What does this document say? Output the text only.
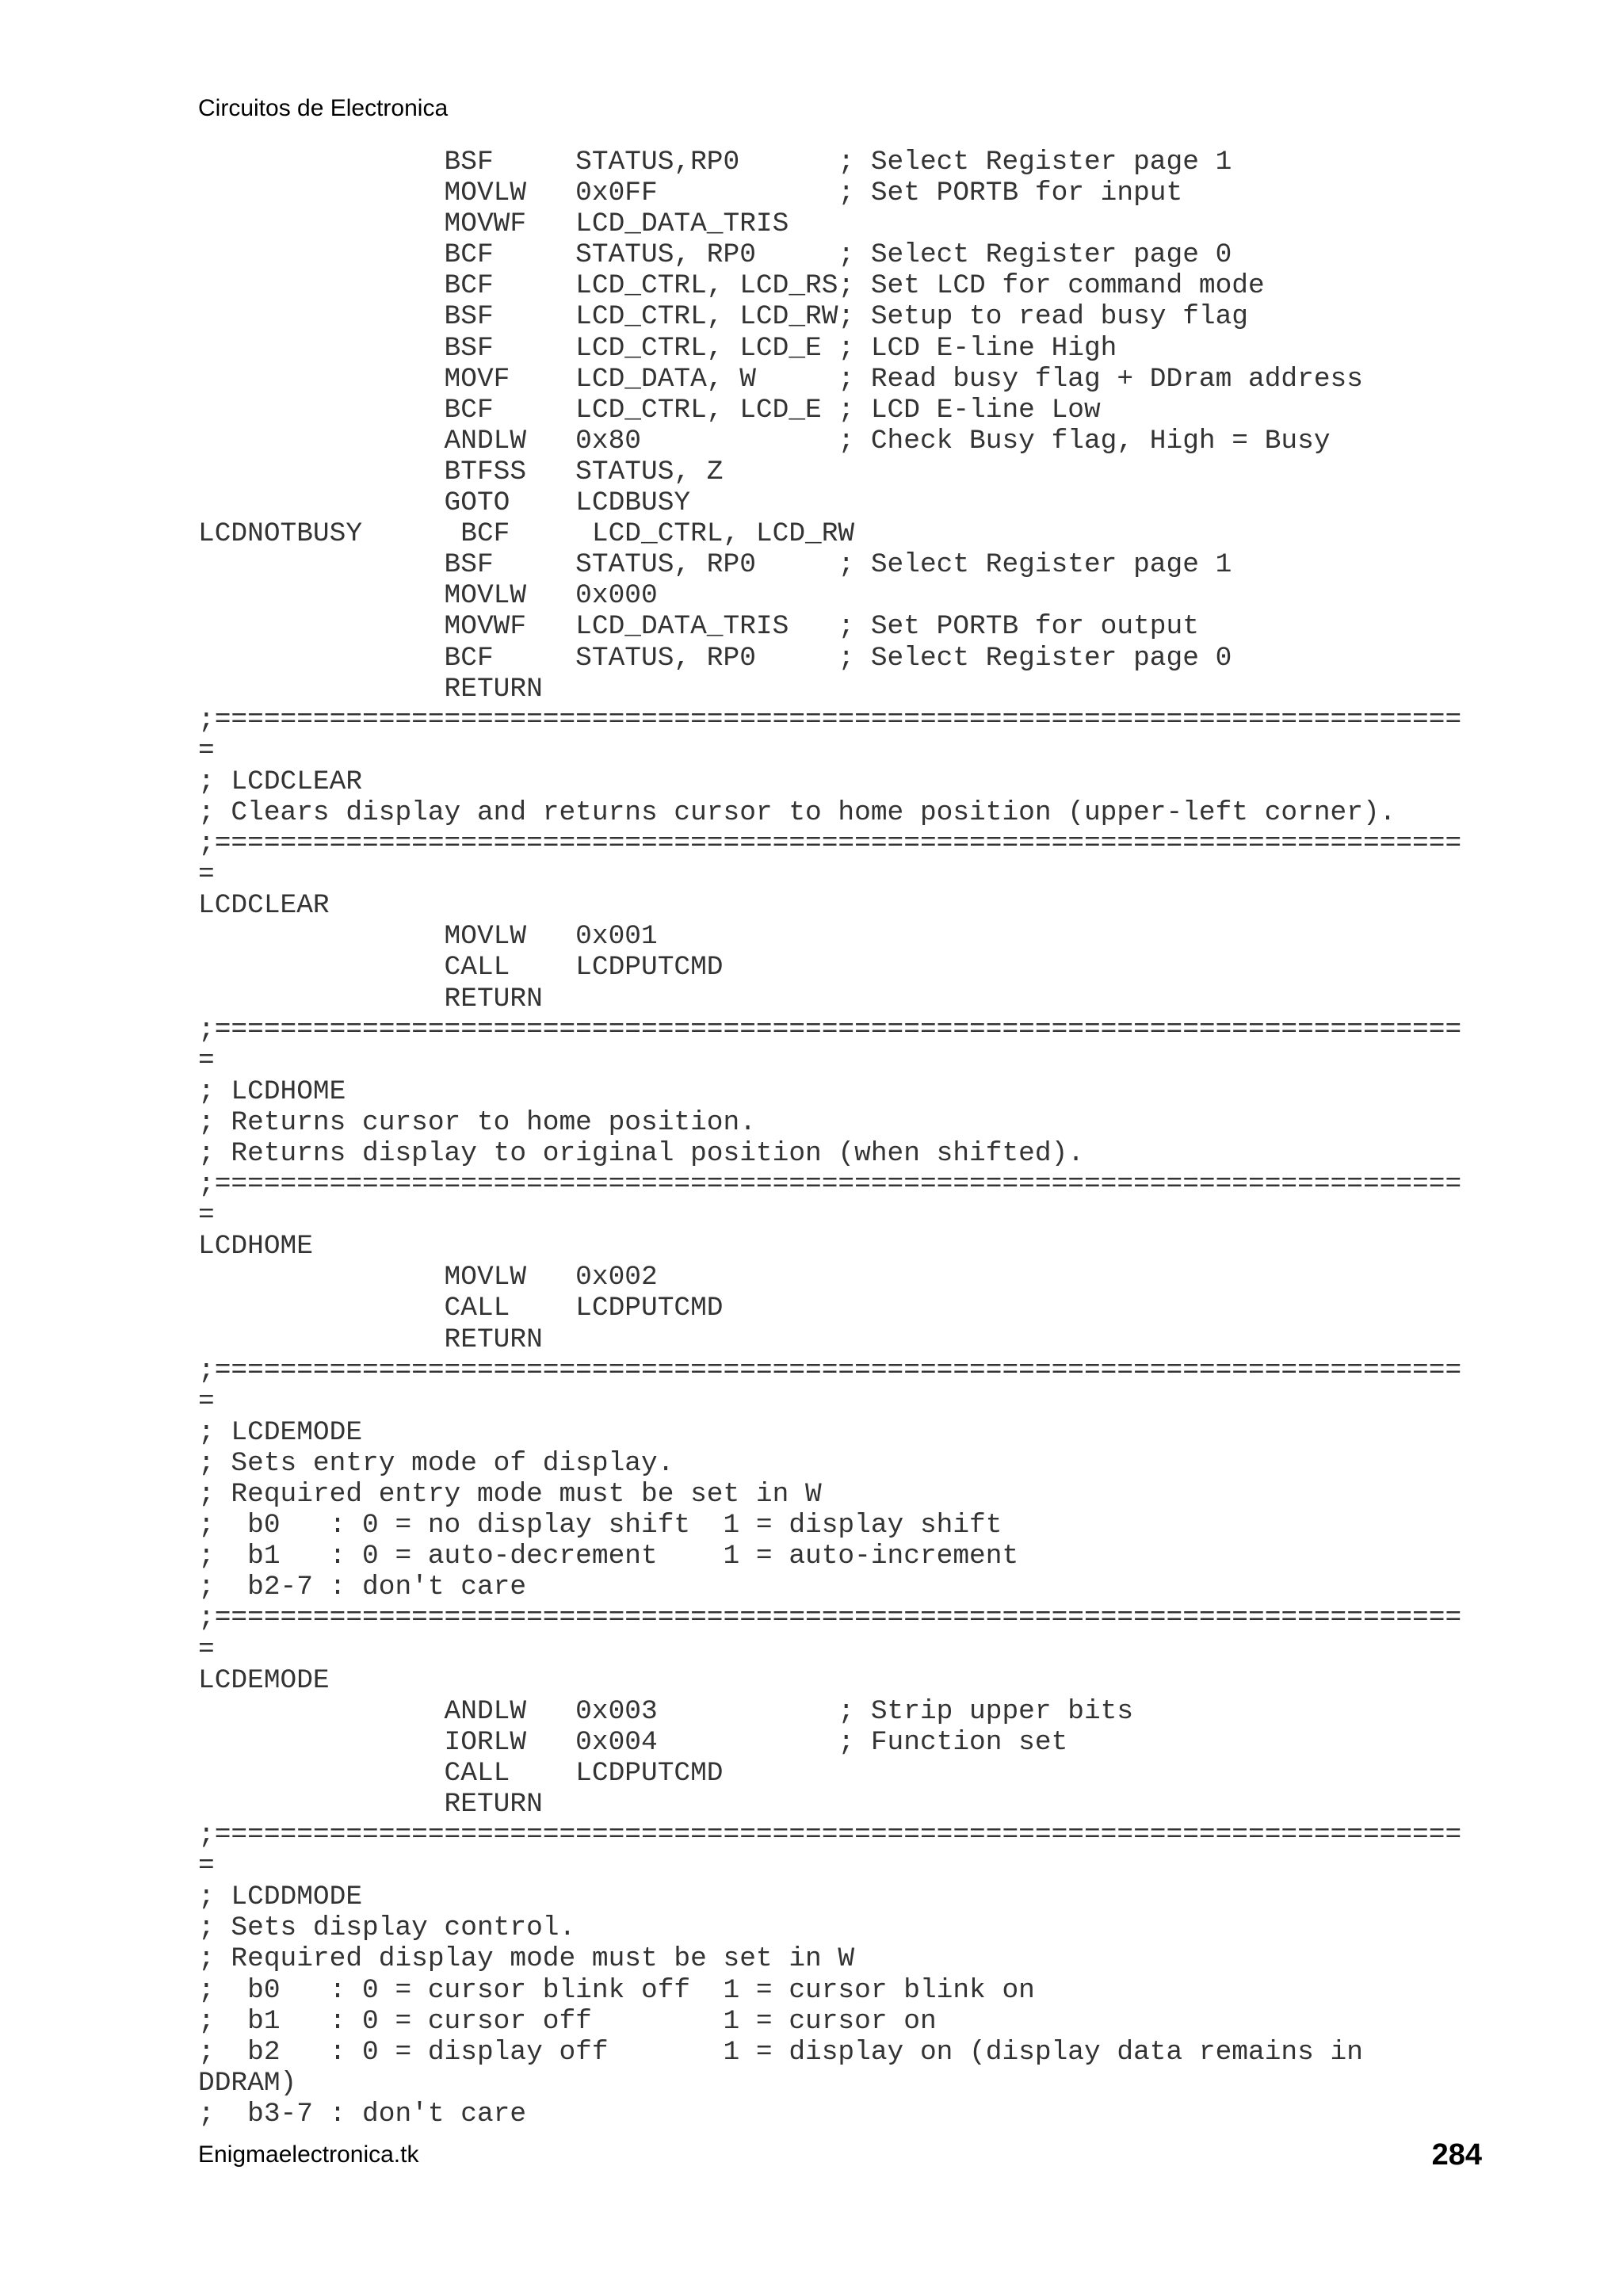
Circuitos de Electronica
BSF     STATUS,RP0      ; Select Register page 1
MOVLW   0x0FF           ; Set PORTB for input
MOVWF   LCD_DATA_TRIS
BCF     STATUS, RP0     ; Select Register page 0
BCF     LCD_CTRL, LCD_RS; Set LCD for command mode
BSF     LCD_CTRL, LCD_RW; Setup to read busy flag
BSF     LCD_CTRL, LCD_E ; LCD E-line High
MOVF    LCD_DATA, W     ; Read busy flag + DDram address
BCF     LCD_CTRL, LCD_E ; LCD E-line Low
ANDLW   0x80            ; Check Busy flag, High = Busy
BTFSS   STATUS, Z
GOTO    LCDBUSY
LCDNOTBUSY      BCF     LCD_CTRL, LCD_RW
BSF     STATUS, RP0     ; Select Register page 1
MOVLW   0x000
MOVWF   LCD_DATA_TRIS   ; Set PORTB for output
BCF     STATUS, RP0     ; Select Register page 0
RETURN
;============================================================================
=
; LCDCLEAR
; Clears display and returns cursor to home position (upper-left corner).
;============================================================================
=
LCDCLEAR
MOVLW   0x001
CALL    LCDPUTCMD
RETURN
;============================================================================
=
; LCDHOME
; Returns cursor to home position.
; Returns display to original position (when shifted).
;============================================================================
=
LCDHOME
MOVLW   0x002
CALL    LCDPUTCMD
RETURN
;============================================================================
=
; LCDEMODE
; Sets entry mode of display.
; Required entry mode must be set in W
;  b0   : 0 = no display shift  1 = display shift
;  b1   : 0 = auto-decrement    1 = auto-increment
;  b2-7 : don't care
;============================================================================
=
LCDEMODE
ANDLW   0x003           ; Strip upper bits
IORLW   0x004           ; Function set
CALL    LCDPUTCMD
RETURN
;============================================================================
=
; LCDDMODE
; Sets display control.
; Required display mode must be set in W
;  b0   : 0 = cursor blink off  1 = cursor blink on
;  b1   : 0 = cursor off        1 = cursor on
;  b2   : 0 = display off       1 = display on (display data remains in
DDRAM)
;  b3-7 : don't care
Enigmaelectronica.tk	284
